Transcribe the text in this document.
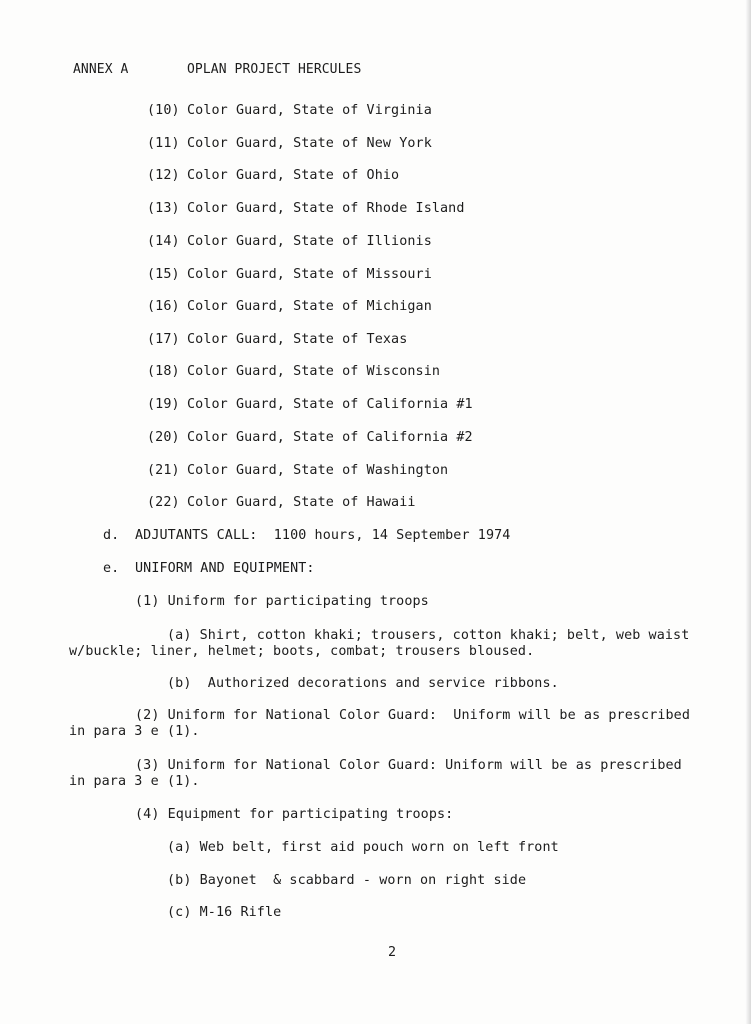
ANNEX A	OPLAN PROJECT HERCULES
(10) Color Guard, State of Virginia
(11) Color Guard, State of New York
(12) Color Guard, State of Ohio
(13) Color Guard, State of Rhode Island
(14) Color Guard, State of Illionis
(15) Color Guard, State of Missouri
(16) Color Guard, State of Michigan
(17) Color Guard, State of Texas
(18) Color Guard, State of Wisconsin
(19) Color Guard, State of California #1
(20) Color Guard, State of California #2
(21) Color Guard, State of Washington
(22) Color Guard, State of Hawaii
d. ADJUTANTS CALL:  1100 hours, 14 September 1974
e. UNIFORM AND EQUIPMENT:
(1) Uniform for participating troops
(a) Shirt, cotton khaki; trousers, cotton khaki; belt, web waist
w/buckle; liner, helmet; boots, combat; trousers bloused.
(b)  Authorized decorations and service ribbons.
(2) Uniform for National Color Guard:  Uniform will be as prescribed
in para 3 e (1).
(3) Uniform for National Color Guard: Uniform will be as prescribed
in para 3 e (1).
(4) Equipment for participating troops:
(a) Web belt, first aid pouch worn on left front
(b) Bayonet  & scabbard - worn on right side
(c) M-16 Rifle
2
